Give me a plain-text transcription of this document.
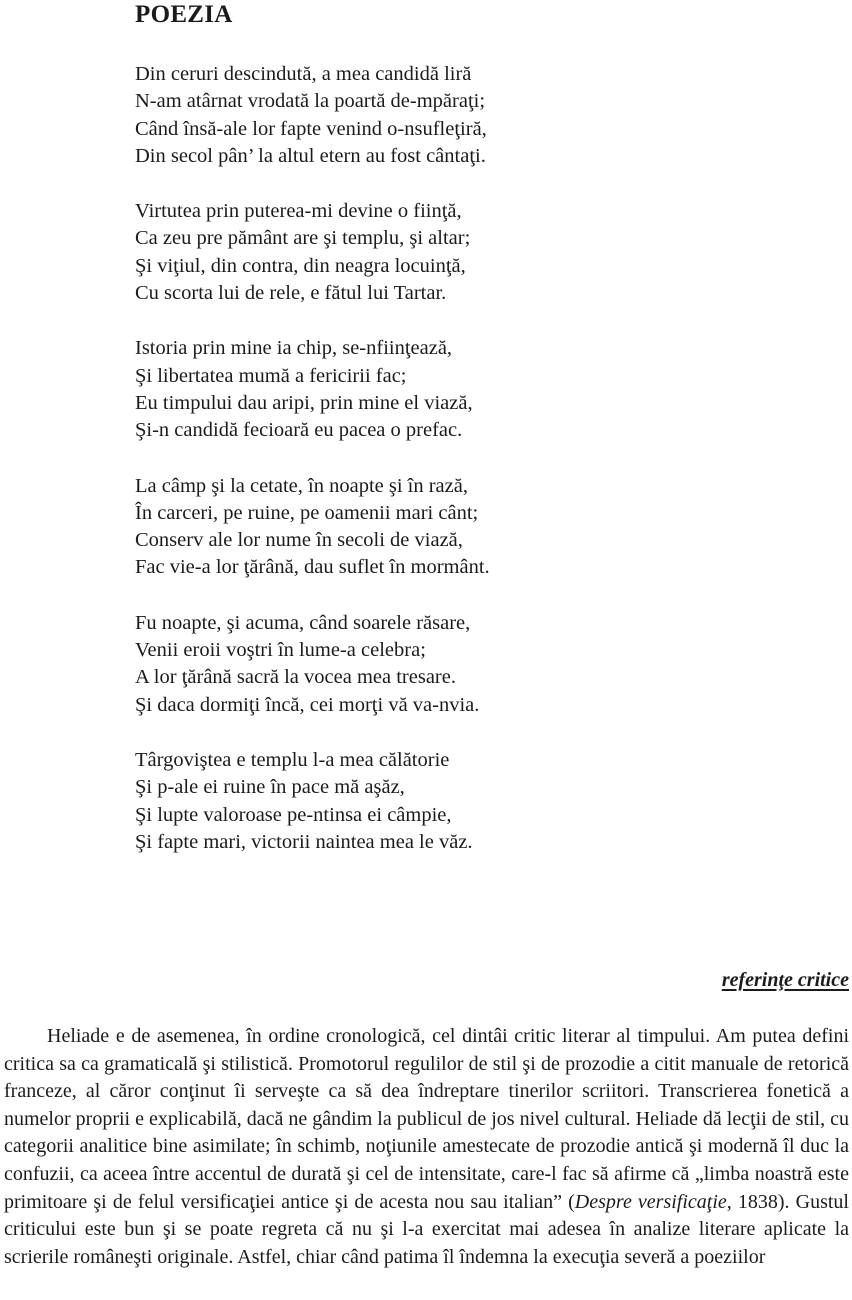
POEZIA
Din ceruri descindută, a mea candidă liră
N-am atârnat vrodată la poartă de-mpăraţi;
Când însă-ale lor fapte venind o-nsufleţiră,
Din secol pân’ la altul etern au fost cântaţi.
Virtutea prin puterea-mi devine o fiinţă,
Ca zeu pre pământ are şi templu, şi altar;
Şi viţiul, din contra, din neagra locuinţă,
Cu scorta lui de rele, e fătul lui Tartar.
Istoria prin mine ia chip, se-nfiinţează,
Şi libertatea mumă a fericirii fac;
Eu timpului dau aripi, prin mine el viază,
Şi-n candidă fecioară eu pacea o prefac.
La câmp şi la cetate, în noapte şi în rază,
În carceri, pe ruine, pe oamenii mari cânt;
Conserv ale lor nume în secoli de viază,
Fac vie-a lor ţărână, dau suflet în mormânt.
Fu noapte, şi acuma, când soarele răsare,
Venii eroii voştri în lume-a celebra;
A lor ţărână sacră la vocea mea tresare.
Şi daca dormiţi încă, cei morţi vă va-nvia.
Târgoviştea e templu l-a mea călătorie
Şi p-ale ei ruine în pace mă aşăz,
Şi lupte valoroase pe-ntinsa ei câmpie,
Şi fapte mari, victorii naintea mea le văz.
referinţe critice

Heliade e de asemenea, în ordine cronologică, cel dintâi critic literar al timpului. Am putea defini critica sa ca gramaticală şi stilistică. Promotorul regulilor de stil şi de prozodie a citit manuale de retorică franceze, al căror conţinut îi serveşte ca să dea îndreptare tinerilor scriitori. Transcrierea fonetică a numelor proprii e explicabilă, dacă ne gândim la publicul de jos nivel cultural. Heliade dă lecţii de stil, cu categorii analitice bine asimilate; în schimb, noţiunile amestecate de prozodie antică şi modernă îl duc la confuzii, ca aceea între accentul de durată şi cel de intensitate, care-l fac să afirme că „limba noastră este primitoare şi de felul versificaţiei antice şi de acesta nou sau italian” (Despre versificaţie, 1838). Gustul criticului este bun şi se poate regreta că nu şi l-a exercitat mai adesea în analize literare aplicate la scrierile româneşti originale. Astfel, chiar când patima îl îndemna la execuţia severă a poeziilor
